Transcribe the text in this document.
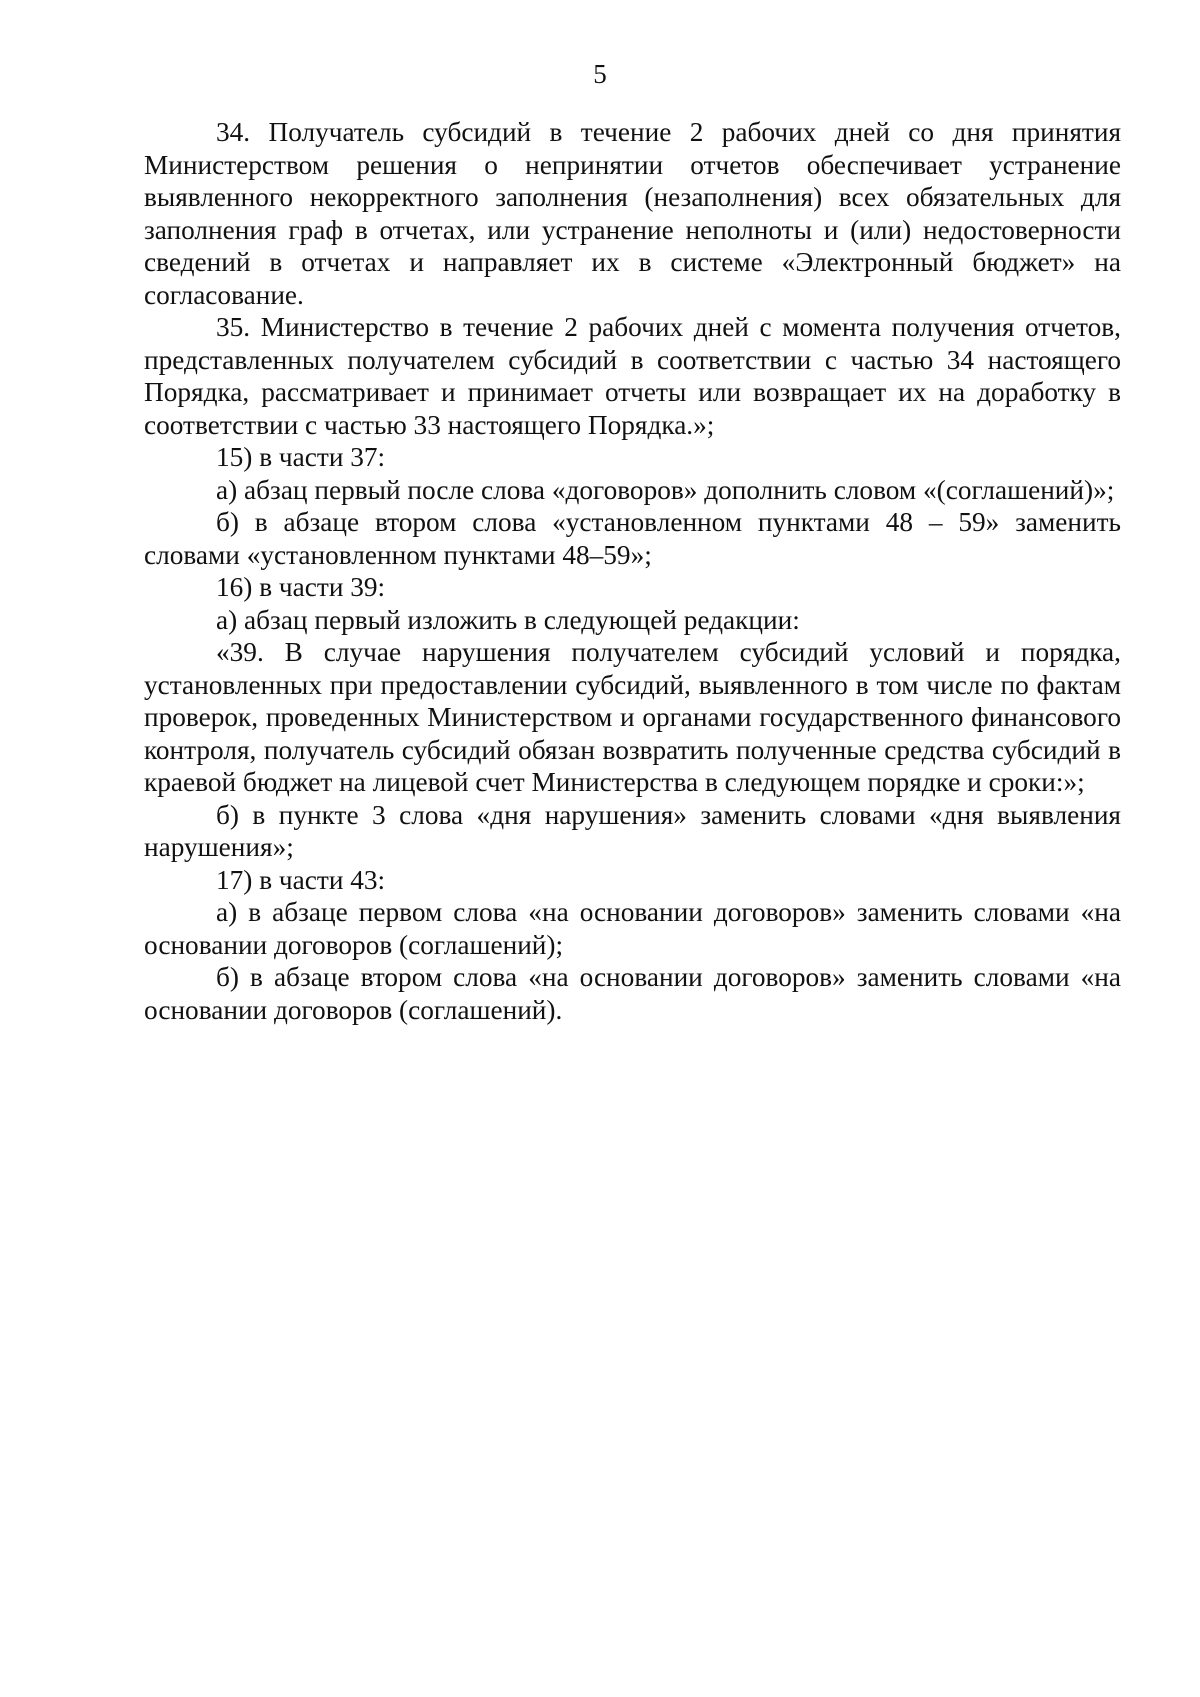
5

34. Получатель субсидий в течение 2 рабочих дней со дня принятия Министерством решения о непринятии отчетов обеспечивает устранение выявленного некорректного заполнения (незаполнения) всех обязательных для заполнения граф в отчетах, или устранение неполноты и (или) недостоверности сведений в отчетах и направляет их в системе «Электронный бюджет» на согласование.

35. Министерство в течение 2 рабочих дней с момента получения отчетов, представленных получателем субсидий в соответствии с частью 34 настоящего Порядка, рассматривает и принимает отчеты или возвращает их на доработку в соответствии с частью 33 настоящего Порядка.»;

15) в части 37:

а) абзац первый после слова «договоров» дополнить словом «(соглашений)»;

б) в абзаце втором слова «установленном пунктами 48 – 59» заменить словами «установленном пунктами 48–59»;

16) в части 39:

а) абзац первый изложить в следующей редакции:

«39. В случае нарушения получателем субсидий условий и порядка, установленных при предоставлении субсидий, выявленного в том числе по фактам проверок, проведенных Министерством и органами государственного финансового контроля, получатель субсидий обязан возвратить полученные средства субсидий в краевой бюджет на лицевой счет Министерства в следующем порядке и сроки:»;

б) в пункте 3 слова «дня нарушения» заменить словами «дня выявления нарушения»;

17) в части 43:

а) в абзаце первом слова «на основании договоров» заменить словами «на основании договоров (соглашений);

б) в абзаце втором слова «на основании договоров» заменить словами «на основании договоров (соглашений).
